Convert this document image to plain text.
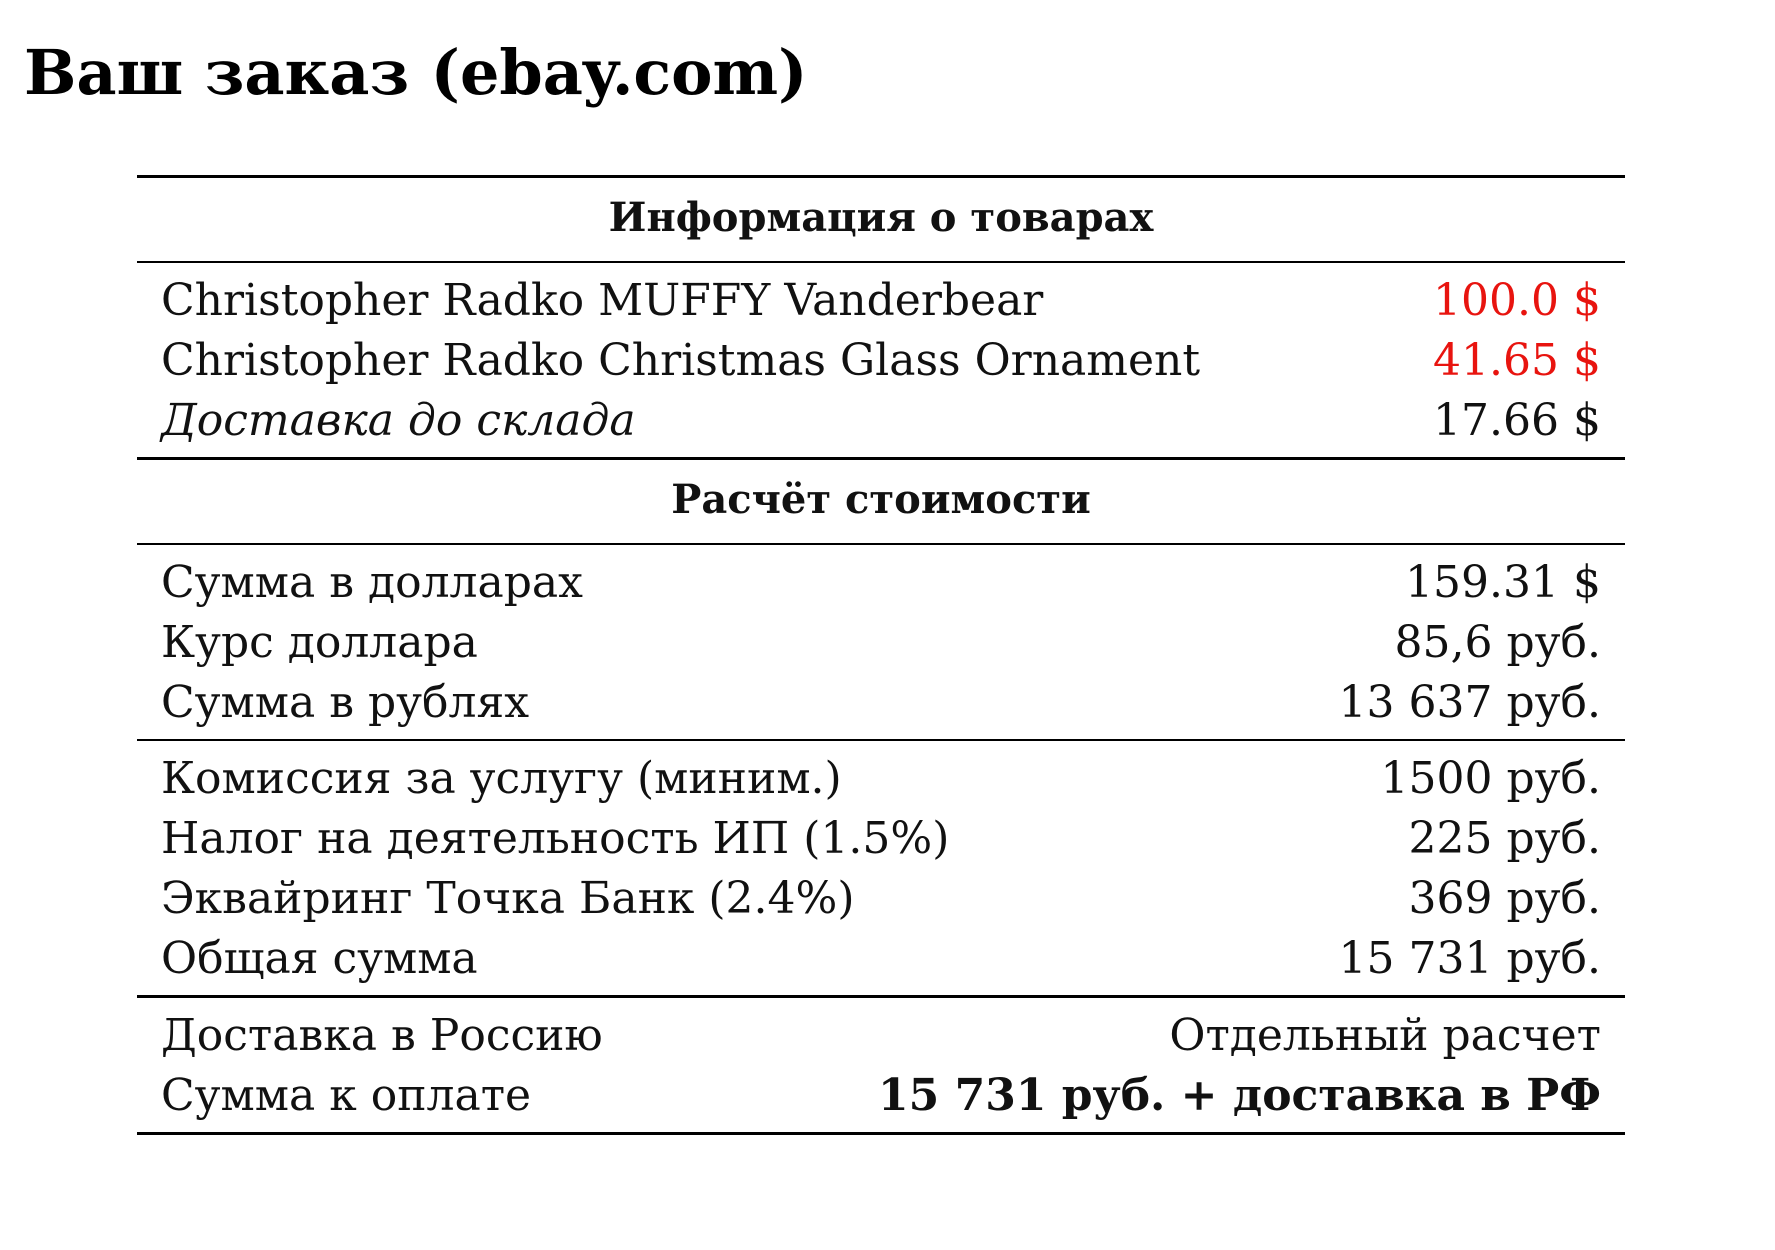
Ваш заказ (ebay.com)
Информация о товарах
Christopher Radko MUFFY Vanderbear	100.0 $
Christopher Radko Christmas Glass Ornament	41.65 $
Доставка до склада	17.66 $
Расчёт стоимости
Сумма в долларах	159.31 $
Курс доллара	85,6 руб.
Сумма в рублях	13 637 руб.
Комиссия за услугу (миним.)	1500 руб.
Налог на деятельность ИП (1.5%)	225 руб.
Эквайринг Точка Банк (2.4%)	369 руб.
Общая сумма	15 731 руб.
Доставка в Россию	Отдельный расчет
Сумма к оплате	15 731 руб. + доставка в РФ
